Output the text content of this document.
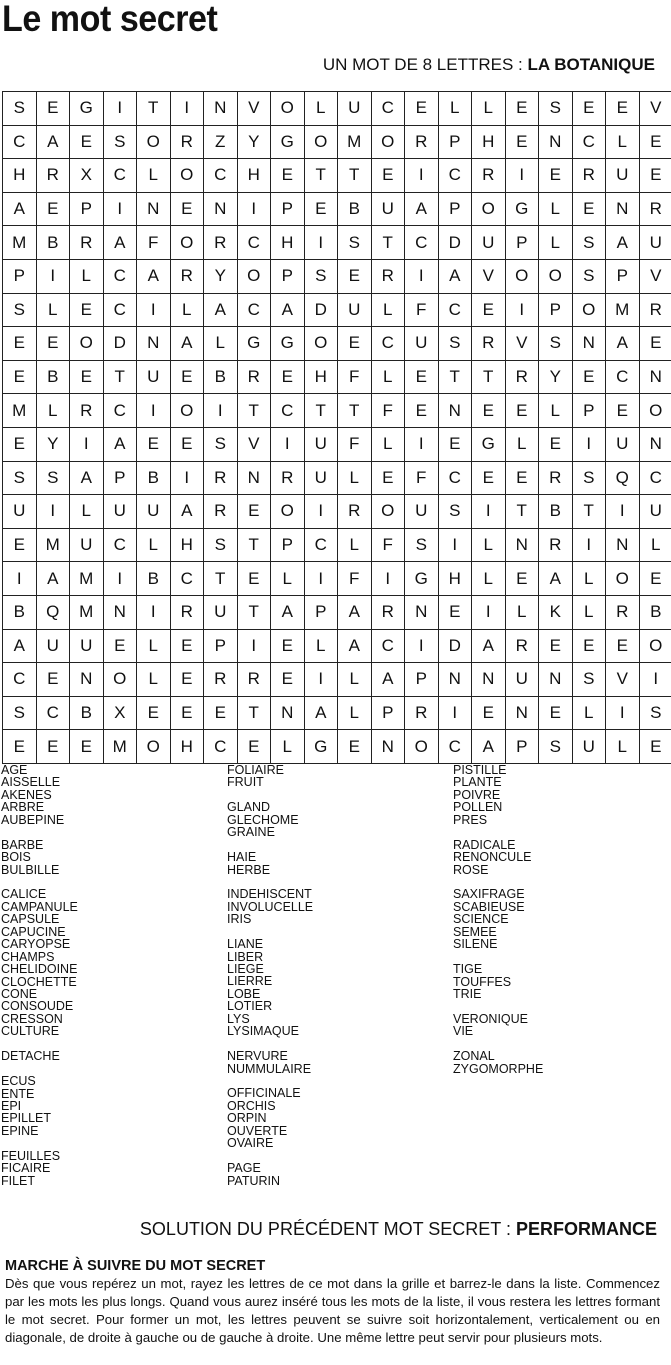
Le mot secret
UN MOT DE 8 LETTRES : LA BOTANIQUE
S	E	G	I	T	I	N	V	O	L	U	C	E	L	L	E	S	E	E	V
C	A	E	S	O	R	Z	Y	G	O	M	O	R	P	H	E	N	C	L	E
H	R	X	C	L	O	C	H	E	T	T	E	I	C	R	I	E	R	U	E
A	E	P	I	N	E	N	I	P	E	B	U	A	P	O	G	L	E	N	R
M	B	R	A	F	O	R	C	H	I	S	T	C	D	U	P	L	S	A	U
P	I	L	C	A	R	Y	O	P	S	E	R	I	A	V	O	O	S	P	V
S	L	E	C	I	L	A	C	A	D	U	L	F	C	E	I	P	O	M	R
E	E	O	D	N	A	L	G	G	O	E	C	U	S	R	V	S	N	A	E
E	B	E	T	U	E	B	R	E	H	F	L	E	T	T	R	Y	E	C	N
M	L	R	C	I	O	I	T	C	T	T	F	E	N	E	E	L	P	E	O
E	Y	I	A	E	E	S	V	I	U	F	L	I	E	G	L	E	I	U	N
S	S	A	P	B	I	R	N	R	U	L	E	F	C	E	E	R	S	Q	C
U	I	L	U	U	A	R	E	O	I	R	O	U	S	I	T	B	T	I	U
E	M	U	C	L	H	S	T	P	C	L	F	S	I	L	N	R	I	N	L
I	A	M	I	B	C	T	E	L	I	F	I	G	H	L	E	A	L	O	E
B	Q	M	N	I	R	U	T	A	P	A	R	N	E	I	L	K	L	R	B
A	U	U	E	L	E	P	I	E	L	A	C	I	D	A	R	E	E	E	O
C	E	N	O	L	E	R	R	E	I	L	A	P	N	N	U	N	S	V	I
S	C	B	X	E	E	E	T	N	A	L	P	R	I	E	N	E	L	I	S
E	E	E	M	O	H	C	E	L	G	E	N	O	C	A	P	S	U	L	E
AGE
AISSELLE
AKENES
ARBRE
AUBEPINE
BARBE
BOIS
BULBILLE
CALICE
CAMPANULE
CAPSULE
CAPUCINE
CARYOPSE
CHAMPS
CHELIDOINE
CLOCHETTE
CONE
CONSOUDE
CRESSON
CULTURE
DETACHE
ECUS
ENTE
EPI
EPILLET
EPINE
FEUILLES
FICAIRE
FILET
FOLIAIRE
FRUIT
GLAND
GLECHOME
GRAINE
HAIE
HERBE
INDEHISCENT
INVOLUCELLE
IRIS
LIANE
LIBER
LIEGE
LIERRE
LOBE
LOTIER
LYS
LYSIMAQUE
NERVURE
NUMMULAIRE
OFFICINALE
ORCHIS
ORPIN
OUVERTE
OVAIRE
PAGE
PATURIN
PISTILLE
PLANTE
POIVRE
POLLEN
PRES
RADICALE
RENONCULE
ROSE
SAXIFRAGE
SCABIEUSE
SCIENCE
SEMEE
SILENE
TIGE
TOUFFES
TRIE
VERONIQUE
VIE
ZONAL
ZYGOMORPHE
SOLUTION DU PRÉCÉDENT MOT SECRET : PERFORMANCE
MARCHE À SUIVRE DU MOT SECRET
Dès que vous repérez un mot, rayez les lettres de ce mot dans la grille et barrez-le dans la liste. Commencez par les mots les plus longs. Quand vous aurez inséré tous les mots de la liste, il vous restera les lettres formant le mot secret. Pour former un mot, les lettres peuvent se suivre soit horizontalement, verticalement ou en diagonale, de droite à gauche ou de gauche à droite. Une même lettre peut servir pour plusieurs mots.
